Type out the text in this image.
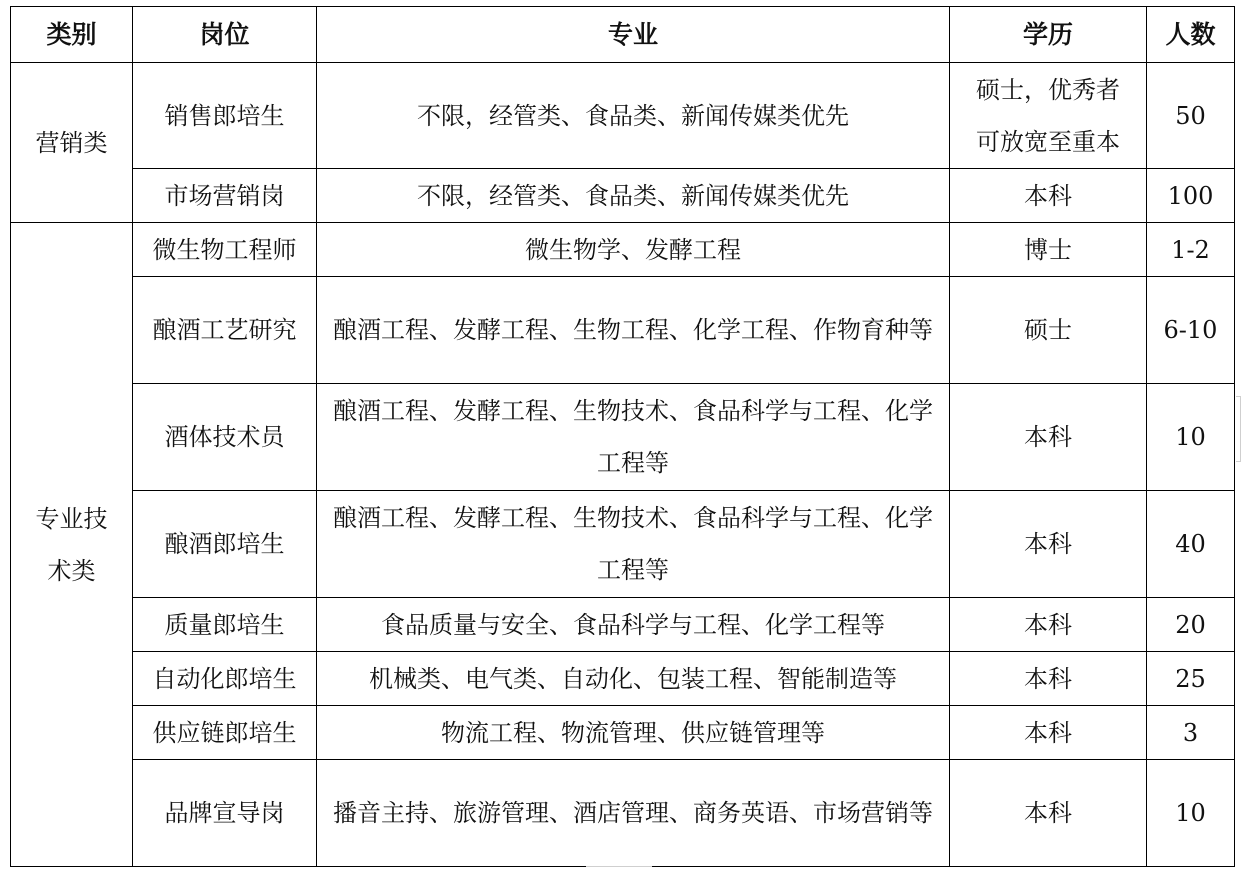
类别	岗位	专业	学历	人数
营销类	销售郎培生	不限，经管类、食品类、新闻传媒类优先	硕士，优秀者可放宽至重本	50
	市场营销岗	不限，经管类、食品类、新闻传媒类优先	本科	100
专业技术类	微生物工程师	微生物学、发酵工程	博士	1-2
	酿酒工艺研究	酿酒工程、发酵工程、生物工程、化学工程、作物育种等	硕士	6-10
	酒体技术员	酿酒工程、发酵工程、生物技术、食品科学与工程、化学工程等	本科	10
	酿酒郎培生	酿酒工程、发酵工程、生物技术、食品科学与工程、化学工程等	本科	40
	质量郎培生	食品质量与安全、食品科学与工程、化学工程等	本科	20
	自动化郎培生	机械类、电气类、自动化、包装工程、智能制造等	本科	25
	供应链郎培生	物流工程、物流管理、供应链管理等	本科	3
	品牌宣导岗	播音主持、旅游管理、酒店管理、商务英语、市场营销等	本科	10
